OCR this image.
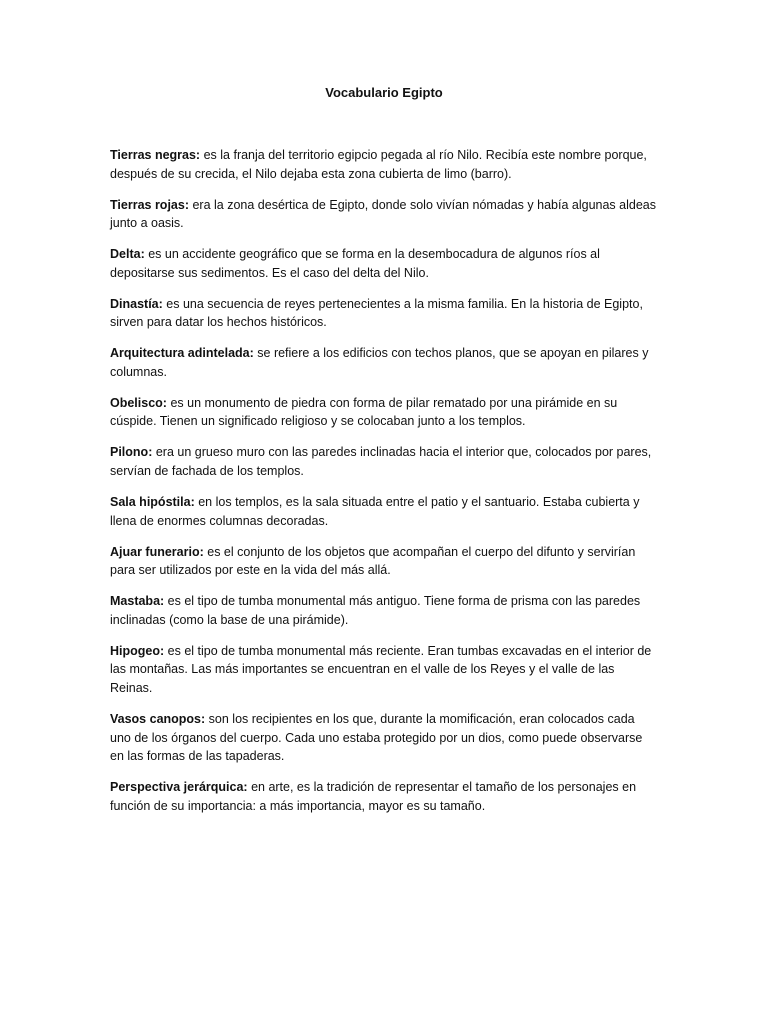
Vocabulario Egipto

Tierras negras: es la franja del territorio egipcio pegada al río Nilo. Recibía este nombre porque, después de su crecida, el Nilo dejaba esta zona cubierta de limo (barro).

Tierras rojas: era la zona desértica de Egipto, donde solo vivían nómadas y había algunas aldeas junto a oasis.

Delta: es un accidente geográfico que se forma en la desembocadura de algunos ríos al depositarse sus sedimentos. Es el caso del delta del Nilo.

Dinastía: es una secuencia de reyes pertenecientes a la misma familia. En la historia de Egipto, sirven para datar los hechos históricos.

Arquitectura adintelada: se refiere a los edificios con techos planos, que se apoyan en pilares y columnas.

Obelisco: es un monumento de piedra con forma de pilar rematado por una pirámide en su cúspide. Tienen un significado religioso y se colocaban junto a los templos.

Pilono: era un grueso muro con las paredes inclinadas hacia el interior que, colocados por pares, servían de fachada de los templos.

Sala hipóstila: en los templos, es la sala situada entre el patio y el santuario. Estaba cubierta y llena de enormes columnas decoradas.

Ajuar funerario: es el conjunto de los objetos que acompañan el cuerpo del difunto y servirían para ser utilizados por este en la vida del más allá.

Mastaba: es el tipo de tumba monumental más antiguo. Tiene forma de prisma con las paredes inclinadas (como la base de una pirámide).

Hipogeo: es el tipo de tumba monumental más reciente. Eran tumbas excavadas en el interior de las montañas. Las más importantes se encuentran en el valle de los Reyes y el valle de las Reinas.

Vasos canopos: son los recipientes en los que, durante la momificación, eran colocados cada uno de los órganos del cuerpo. Cada uno estaba protegido por un dios, como puede observarse en las formas de las tapaderas.

Perspectiva jerárquica: en arte, es la tradición de representar el tamaño de los personajes en función de su importancia: a más importancia, mayor es su tamaño.
